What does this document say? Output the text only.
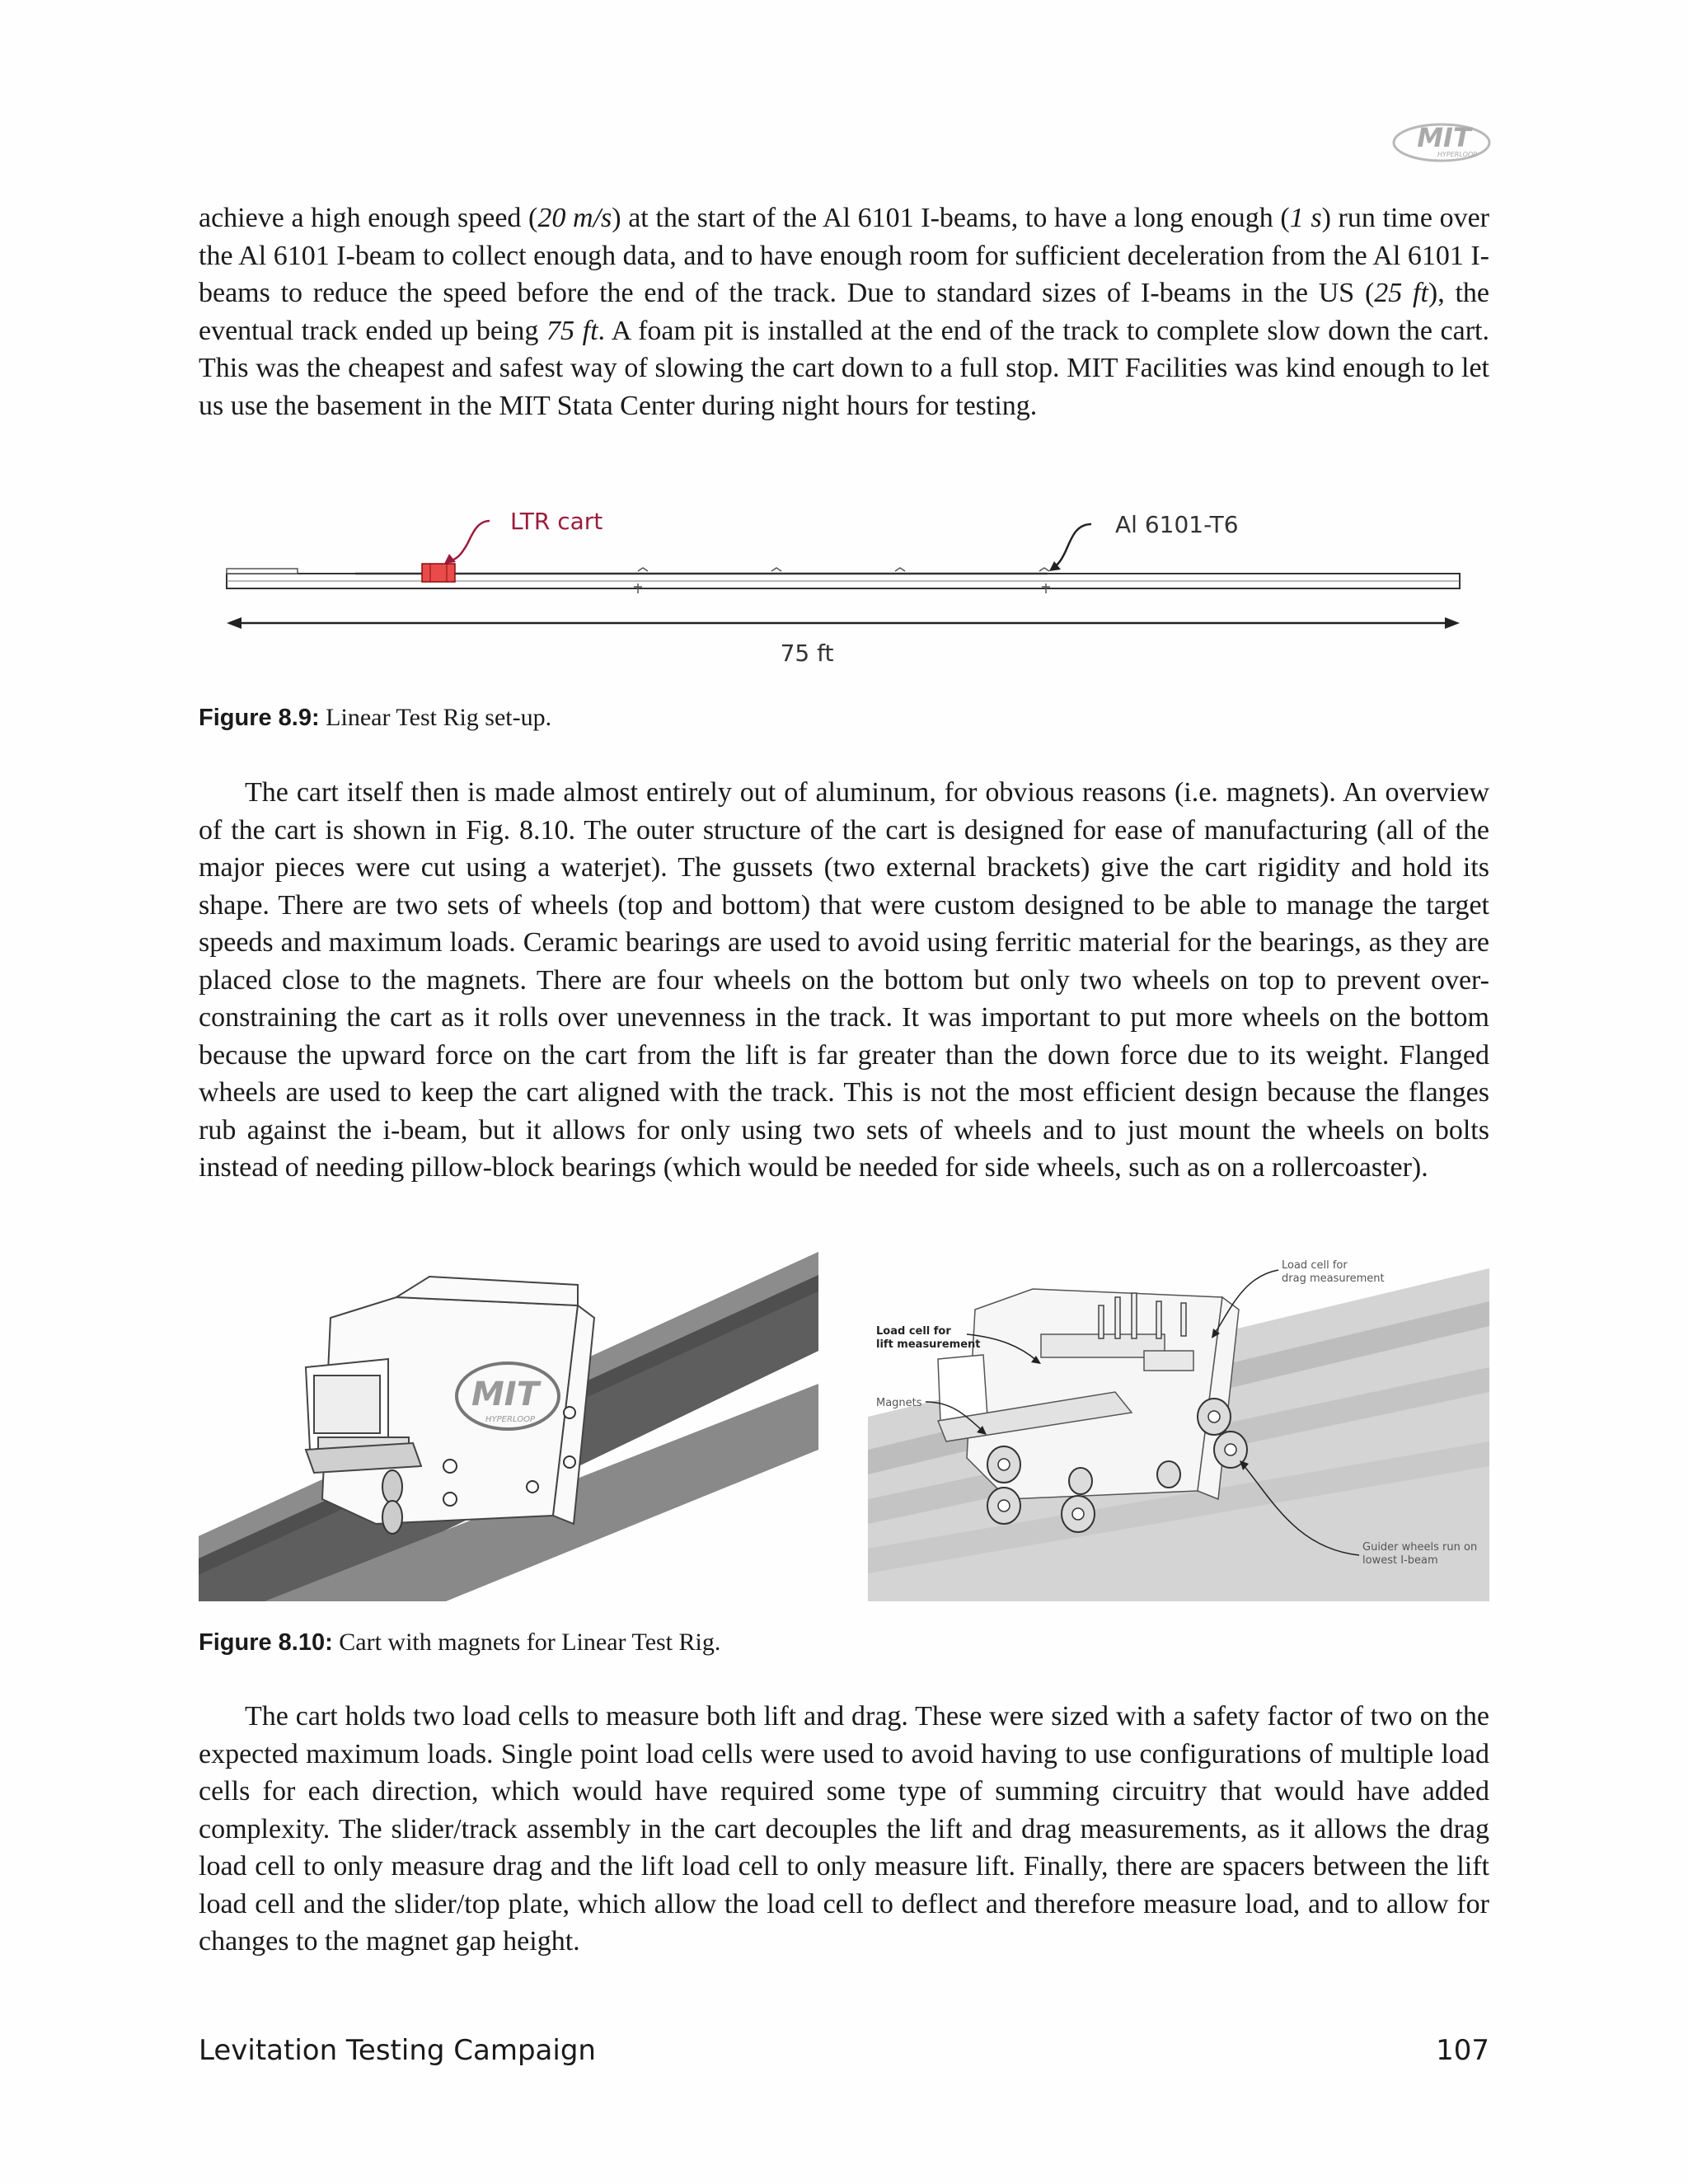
MIT
HYPERLOOP

achieve a high enough speed (20 m/s) at the start of the Al 6101 I-beams, to have a long enough (1 s) run time over the Al 6101 I-beam to collect enough data, and to have enough room for sufficient deceleration from the Al 6101 I-beams to reduce the speed before the end of the track. Due to standard sizes of I-beams in the US (25 ft), the eventual track ended up being 75 ft. A foam pit is installed at the end of the track to complete slow down the cart. This was the cheapest and safest way of slowing the cart down to a full stop. MIT Facilities was kind enough to let us use the basement in the MIT Stata Center during night hours for testing.

LTR cart	Al 6101-T6
75 ft

Figure 8.9: Linear Test Rig set-up.

The cart itself then is made almost entirely out of aluminum, for obvious reasons (i.e. magnets). An overview of the cart is shown in Fig. 8.10. The outer structure of the cart is designed for ease of manufacturing (all of the major pieces were cut using a waterjet). The gussets (two external brackets) give the cart rigidity and hold its shape. There are two sets of wheels (top and bottom) that were custom designed to be able to manage the target speeds and maximum loads. Ceramic bearings are used to avoid using ferritic material for the bearings, as they are placed close to the magnets. There are four wheels on the bottom but only two wheels on top to prevent over-constraining the cart as it rolls over unevenness in the track. It was important to put more wheels on the bottom because the upward force on the cart from the lift is far greater than the down force due to its weight. Flanged wheels are used to keep the cart aligned with the track. This is not the most efficient design because the flanges rub against the i-beam, but it allows for only using two sets of wheels and to just mount the wheels on bolts instead of needing pillow-block bearings (which would be needed for side wheels, such as on a rollercoaster).

MIT
HYPERLOOP
Load cell for
drag measurement
Load cell for
lift measurement
Magnets
Guider wheels run on
lowest I-beam

Figure 8.10: Cart with magnets for Linear Test Rig.

The cart holds two load cells to measure both lift and drag. These were sized with a safety factor of two on the expected maximum loads. Single point load cells were used to avoid having to use configurations of multiple load cells for each direction, which would have required some type of summing circuitry that would have added complexity. The slider/track assembly in the cart decouples the lift and drag measurements, as it allows the drag load cell to only measure drag and the lift load cell to only measure lift. Finally, there are spacers between the lift load cell and the slider/top plate, which allow the load cell to deflect and therefore measure load, and to allow for changes to the magnet gap height.

Levitation Testing Campaign	107
